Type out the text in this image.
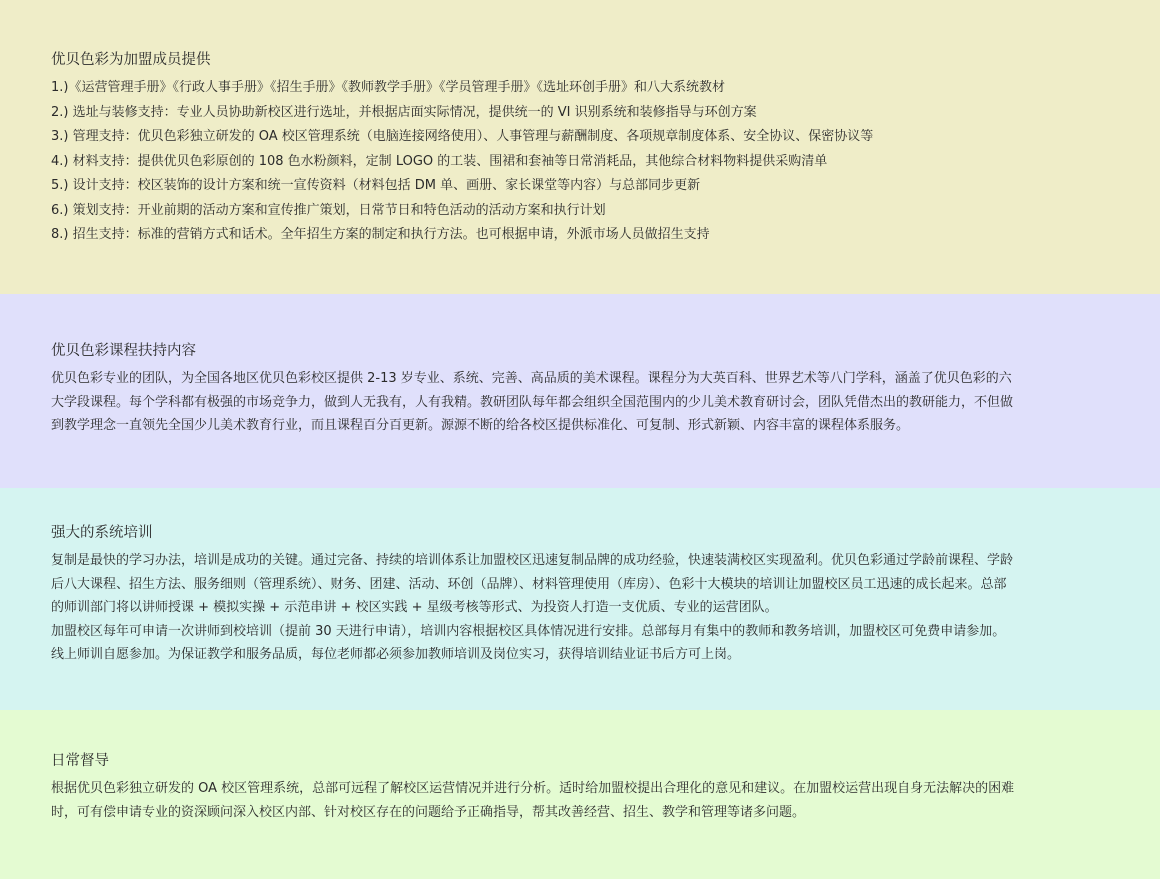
优贝色彩为加盟成员提供
1.)《运营管理手册》《行政人事手册》《招生手册》《教师教学手册》《学员管理手册》《选址环创手册》和八大系统教材
2.) 选址与装修支持：专业人员协助新校区进行选址，并根据店面实际情况，提供统一的 VI 识别系统和装修指导与环创方案
3.) 管理支持：优贝色彩独立研发的 OA 校区管理系统（电脑连接网络使用）、人事管理与薪酬制度、各项规章制度体系、安全协议、保密协议等
4.) 材料支持：提供优贝色彩原创的 108 色水粉颜料，定制 LOGO 的工装、围裙和套袖等日常消耗品，其他综合材料物料提供采购清单
5.) 设计支持：校区装饰的设计方案和统一宣传资料（材料包括 DM 单、画册、家长课堂等内容）与总部同步更新
6.) 策划支持：开业前期的活动方案和宣传推广策划，日常节日和特色活动的活动方案和执行计划
8.) 招生支持：标准的营销方式和话术。全年招生方案的制定和执行方法。也可根据申请，外派市场人员做招生支持
优贝色彩课程扶持内容
优贝色彩专业的团队，为全国各地区优贝色彩校区提供 2-13 岁专业、系统、完善、高品质的美术课程。课程分为大英百科、世界艺术等八门学科，涵盖了优贝色彩的六
大学段课程。每个学科都有极强的市场竞争力，做到人无我有，人有我精。教研团队每年都会组织全国范围内的少儿美术教育研讨会，团队凭借杰出的教研能力，不但做
到教学理念一直领先全国少儿美术教育行业，而且课程百分百更新。源源不断的给各校区提供标准化、可复制、形式新颖、内容丰富的课程体系服务。
强大的系统培训
复制是最快的学习办法，培训是成功的关键。通过完备、持续的培训体系让加盟校区迅速复制品牌的成功经验，快速装满校区实现盈利。优贝色彩通过学龄前课程、学龄
后八大课程、招生方法、服务细则（管理系统）、财务、团建、活动、环创（品牌）、材料管理使用（库房）、色彩十大模块的培训让加盟校区员工迅速的成长起来。总部
的师训部门将以讲师授课 + 模拟实操 + 示范串讲 + 校区实践 + 星级考核等形式、为投资人打造一支优质、专业的运营团队。
加盟校区每年可申请一次讲师到校培训（提前 30 天进行申请），培训内容根据校区具体情况进行安排。总部每月有集中的教师和教务培训，加盟校区可免费申请参加。
线上师训自愿参加。为保证教学和服务品质，每位老师都必须参加教师培训及岗位实习，获得培训结业证书后方可上岗。
日常督导
根据优贝色彩独立研发的 OA 校区管理系统，总部可远程了解校区运营情况并进行分析。适时给加盟校提出合理化的意见和建议。在加盟校运营出现自身无法解决的困难
时，可有偿申请专业的资深顾问深入校区内部、针对校区存在的问题给予正确指导，帮其改善经营、招生、教学和管理等诸多问题。
